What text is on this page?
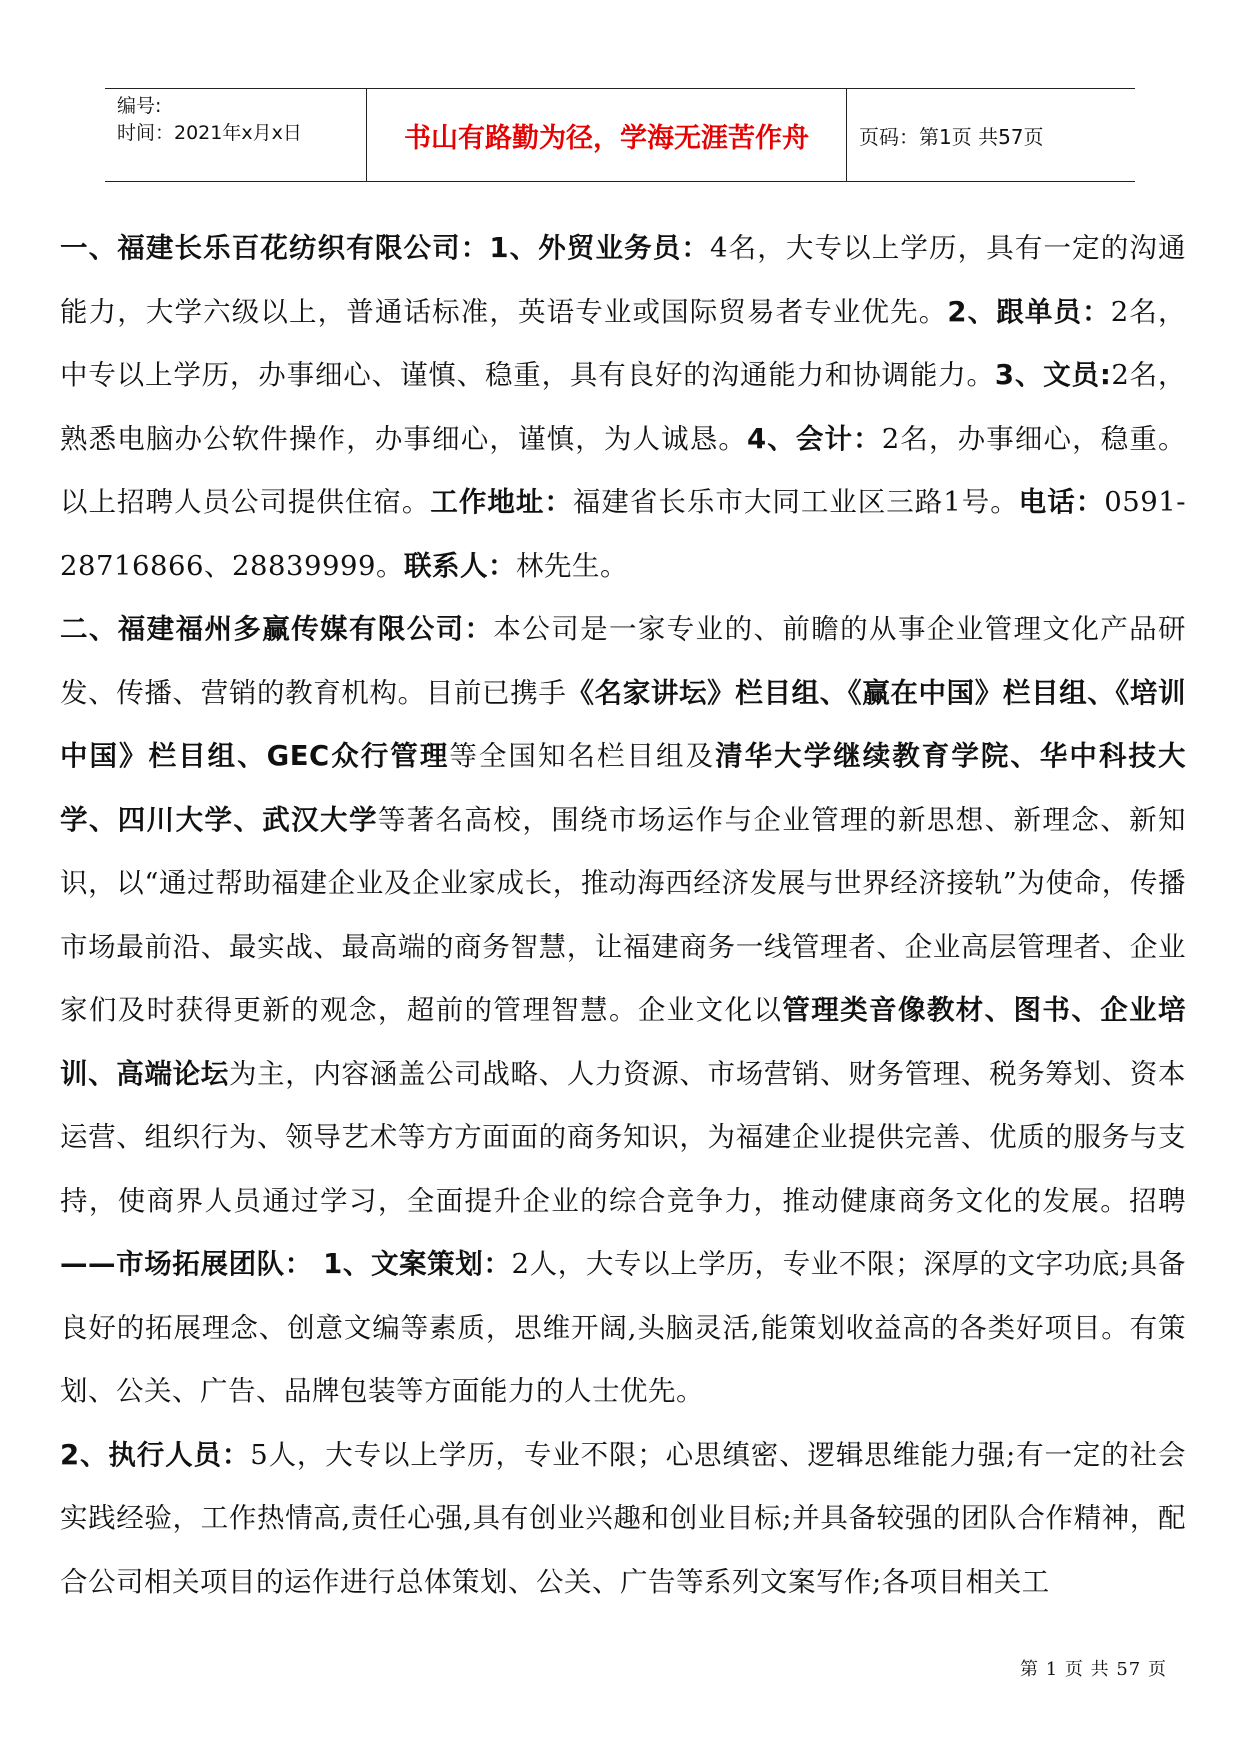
编号:
时间：2021年x月x日	书山有路勤为径，学海无涯苦作舟	页码：第1页 共57页

一、福建长乐百花纺织有限公司：1、外贸业务员：4名，大专以上学历，具有一定的沟通能力，大学六级以上，普通话标准，英语专业或国际贸易者专业优先。2、跟单员：2名，中专以上学历，办事细心、谨慎、稳重，具有良好的沟通能力和协调能力。3、文员:2名，熟悉电脑办公软件操作，办事细心，谨慎，为人诚恳。4、会计：2名，办事细心，稳重。以上招聘人员公司提供住宿。工作地址：福建省长乐市大同工业区三路1号。电话：0591-28716866、28839999。联系人：林先生。

二、福建福州多赢传媒有限公司：本公司是一家专业的、前瞻的从事企业管理文化产品研发、传播、营销的教育机构。目前已携手《名家讲坛》栏目组、《赢在中国》栏目组、《培训中国》栏目组、GEC众行管理等全国知名栏目组及清华大学继续教育学院、华中科技大学、四川大学、武汉大学等著名高校，围绕市场运作与企业管理的新思想、新理念、新知识，以“通过帮助福建企业及企业家成长，推动海西经济发展与世界经济接轨”为使命，传播市场最前沿、最实战、最高端的商务智慧，让福建商务一线管理者、企业高层管理者、企业家们及时获得更新的观念，超前的管理智慧。企业文化以管理类音像教材、图书、企业培训、高端论坛为主，内容涵盖公司战略、人力资源、市场营销、财务管理、税务筹划、资本运营、组织行为、领导艺术等方方面面的商务知识，为福建企业提供完善、优质的服务与支持，使商界人员通过学习，全面提升企业的综合竞争力，推动健康商务文化的发展。招聘——市场拓展团队： 1、文案策划：2人，大专以上学历，专业不限；深厚的文字功底;具备良好的拓展理念、创意文编等素质，思维开阔,头脑灵活,能策划收益高的各类好项目。有策划、公关、广告、品牌包装等方面能力的人士优先。

2、执行人员：5人，大专以上学历，专业不限；心思缜密、逻辑思维能力强;有一定的社会实践经验，工作热情高,责任心强,具有创业兴趣和创业目标;并具备较强的团队合作精神，配合公司相关项目的运作进行总体策划、公关、广告等系列文案写作;各项目相关工

第 1 页 共 57 页
